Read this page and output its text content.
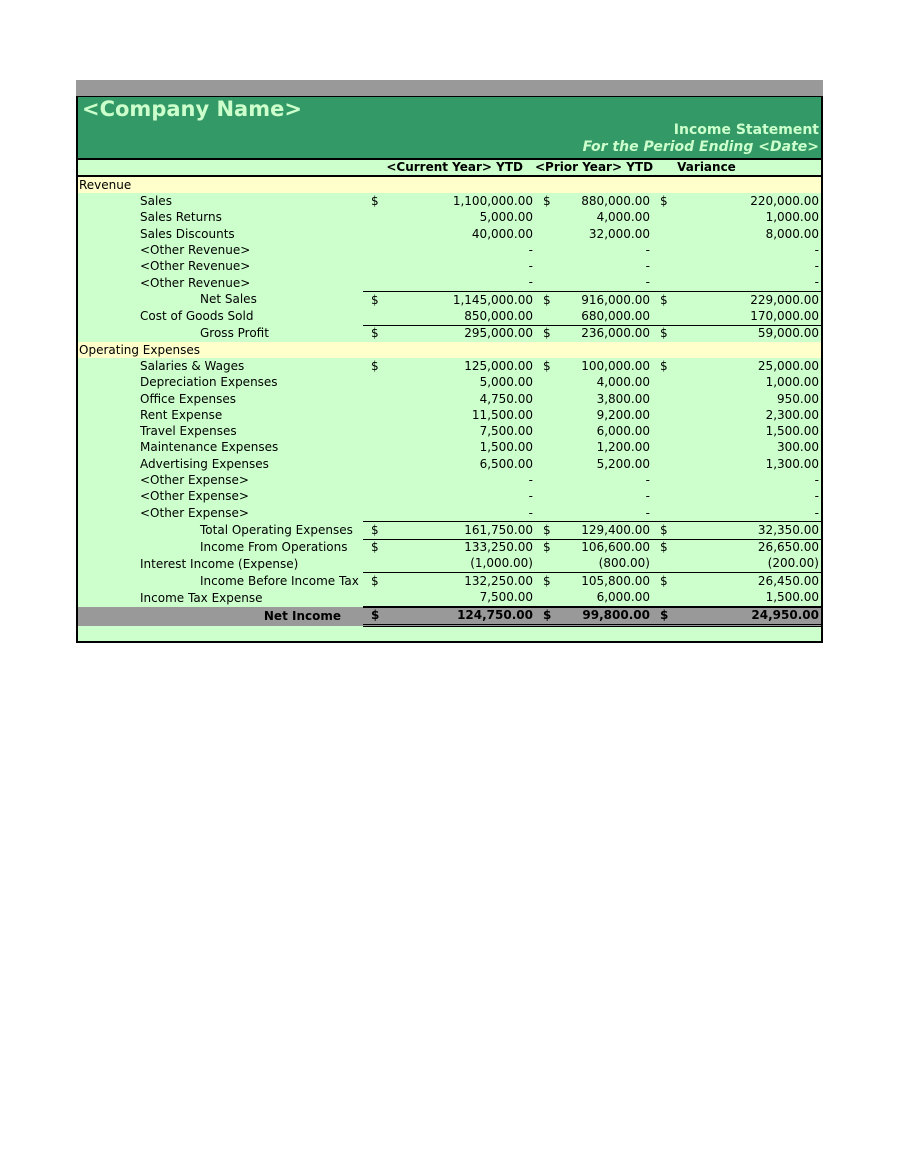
<Company Name>
Income Statement
For the Period Ending <Date>
	<Current Year> YTD		<Prior Year> YTD		Variance	
Revenue						
Sales	$	1,100,000.00	$	880,000.00	$	220,000.00
Sales Returns		5,000.00		4,000.00		1,000.00
Sales Discounts		40,000.00		32,000.00		8,000.00
<Other Revenue>		-		-		-
<Other Revenue>		-		-		-
<Other Revenue>		-		-		-
Net Sales	$	1,145,000.00	$	916,000.00	$	229,000.00
Cost of Goods Sold		850,000.00		680,000.00		170,000.00
Gross Profit	$	295,000.00	$	236,000.00	$	59,000.00
Operating Expenses						
Salaries & Wages	$	125,000.00	$	100,000.00	$	25,000.00
Depreciation Expenses		5,000.00		4,000.00		1,000.00
Office Expenses		4,750.00		3,800.00		950.00
Rent Expense		11,500.00		9,200.00		2,300.00
Travel Expenses		7,500.00		6,000.00		1,500.00
Maintenance Expenses		1,500.00		1,200.00		300.00
Advertising Expenses		6,500.00		5,200.00		1,300.00
<Other Expense>		-		-		-
<Other Expense>		-		-		-
<Other Expense>		-		-		-
Total Operating Expenses	$	161,750.00	$	129,400.00	$	32,350.00
Income From Operations	$	133,250.00	$	106,600.00	$	26,650.00
Interest Income (Expense)		(1,000.00)		(800.00)		(200.00)
Income Before Income Tax	$	132,250.00	$	105,800.00	$	26,450.00
Income Tax Expense		7,500.00		6,000.00		1,500.00
Net Income	$	124,750.00	$	99,800.00	$	24,950.00
